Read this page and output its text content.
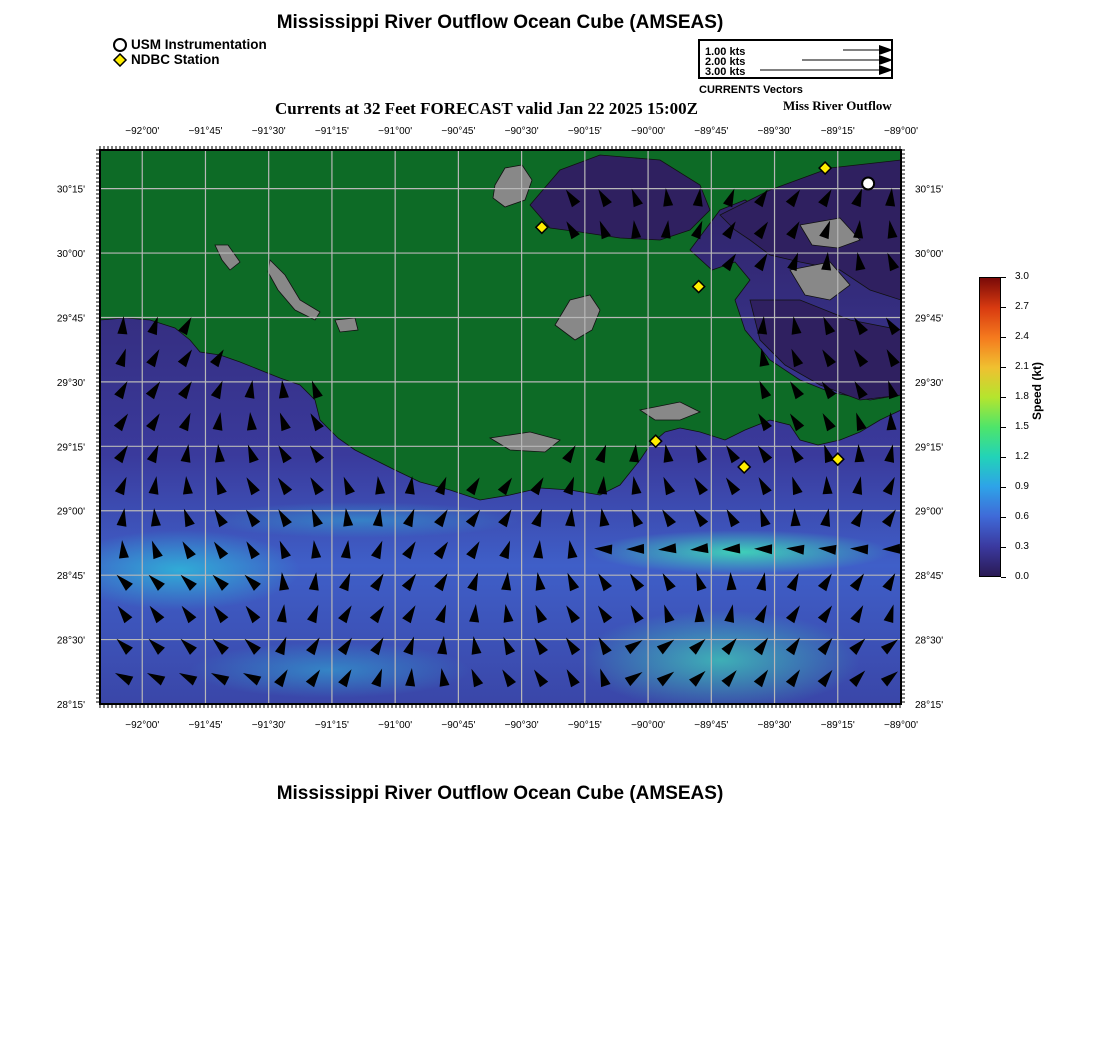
Mississippi River Outflow Ocean Cube (AMSEAS)
USM Instrumentation
NDBC Station	1.00 kts
2.00 kts
3.00 kts
CURRENTS Vectors
Currents at 32 Feet FORECAST valid Jan 22 2025 15:00Z	Miss River Outflow
−92°00'	−91°45'	−91°30'	−91°15'	−91°00'	−90°45'	−90°30'	−90°15'	−90°00'	−89°45'	−89°30'	−89°15'	−89°00'
−92°00'	−91°45'	−91°30'	−91°15'	−91°00'	−90°45'	−90°30'	−90°15'	−90°00'	−89°45'	−89°30'	−89°15'	−89°00'
30°15'
30°00'
29°45'
29°30'
29°15'
29°00'
28°45'
28°30'
28°15'
30°15'
30°00'
29°45'
29°30'
29°15'
29°00'
28°45'
28°30'
28°15'
3.0
2.7
2.4
2.1
1.8
1.5
1.2
0.9
0.6
0.3
0.0
Speed (kt)
Mississippi River Outflow Ocean Cube (AMSEAS)
